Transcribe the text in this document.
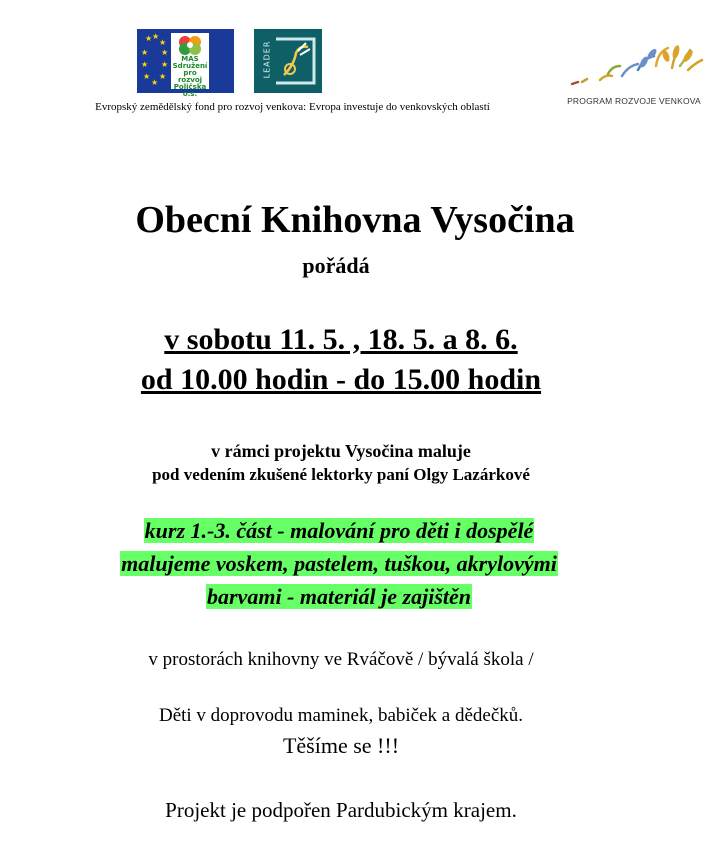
★ ★
★
★
★
★
★
★
★
★
MAS Sdružení pro rozvoj Poličska o.s.
LEADER
Evropský zemědělský fond pro rozvoj venkova: Evropa investuje do venkovských oblastí	PROGRAM ROZVOJE VENKOVA
Obecní Knihovna Vysočina
pořádá
v sobotu 11. 5. , 18. 5. a 8. 6.
od 10.00 hodin - do 15.00 hodin
v rámci projektu Vysočina maluje
pod vedením zkušené lektorky paní Olgy Lazárkové
kurz 1.-3. část - malování pro děti i dospělé
malujeme voskem, pastelem, tuškou, akrylovými
barvami - materiál je zajištěn
v prostorách knihovny ve Rváčově / bývalá škola /
Děti v doprovodu maminek, babiček a dědečků.
Těšíme se !!!
Projekt je podpořen Pardubickým krajem.
